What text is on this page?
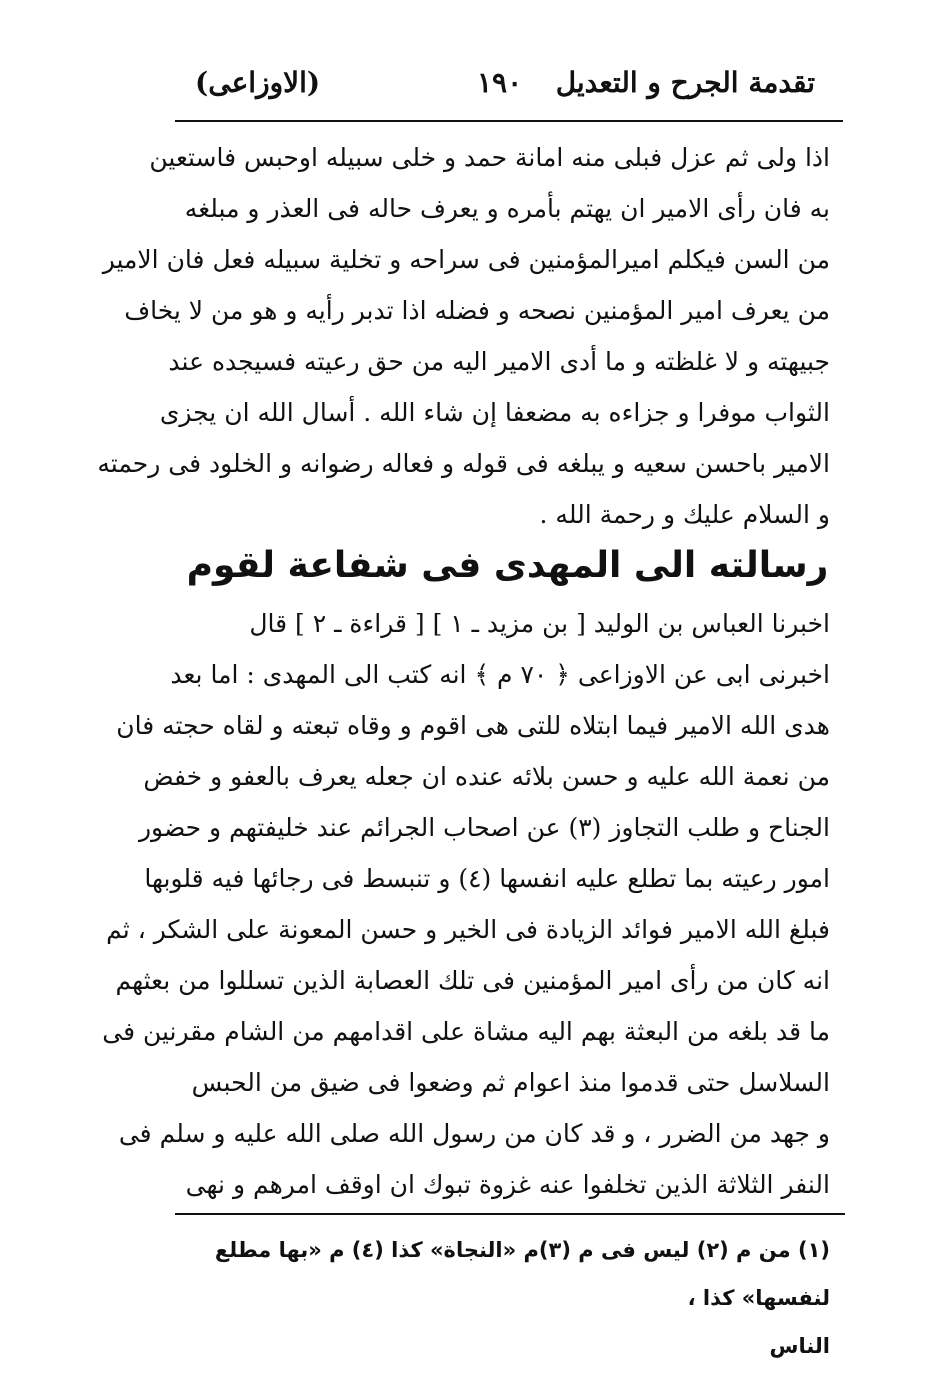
تقدمة الجرح و التعديل
١٩٠
(الاوزاعى)
اذا ولى ثم عزل فبلى منه امانة حمد و خلى سبيله اوحبس فاستعين
به فان رأى الامير ان يهتم بأمره و يعرف حاله فى العذر و مبلغه
من السن فيكلم اميرالمؤمنين فى سراحه و تخلية سبيله فعل فان الامير
من يعرف امير المؤمنين نصحه و فضله اذا تدبر رأيه و هو من لا يخاف
جبيهته و لا غلظته و ما أدى الامير اليه من حق رعيته فسيجده عند
الثواب موفرا و جزاءه به مضعفا إن شاء الله . أسال الله ان يجزى
الامير باحسن سعيه و يبلغه فى قوله و فعاله رضوانه و الخلود فى رحمته
و السلام عليك و رحمة الله .
رسالته الى المهدى فى شفاعة لقوم
اخبرنا العباس بن الوليد [ بن مزيد ـ ١ ] [ قراءة ـ ٢ ] قال
اخبرنى ابى عن الاوزاعى ﴿ ٧٠ م ﴾ انه كتب الى المهدى : اما بعد
هدى الله الامير فيما ابتلاه للتى هى اقوم و وقاه تبعته و لقاه حجته فان
من نعمة الله عليه و حسن بلائه عنده ان جعله يعرف بالعفو و خفض
الجناح و طلب التجاوز (٣) عن اصحاب الجرائم عند خليفتهم و حضور
امور رعيته بما تطلع عليه انفسها (٤) و تنبسط فى رجائها فيه قلوبها
فبلغ الله الامير فوائد الزيادة فى الخير و حسن المعونة على الشكر ، ثم
انه كان من رأى امير المؤمنين فى تلك العصابة الذين تسللوا من بعثهم
ما قد بلغه من البعثة بهم اليه مشاة على اقدامهم من الشام مقرنين فى
السلاسل حتى قدموا منذ اعوام ثم وضعوا فى ضيق من الحبس
و جهد من الضرر ، و قد كان من رسول الله صلى الله عليه و سلم فى
النفر الثلاثة الذين تخلفوا عنه غزوة تبوك ان اوقف امرهم و نهى
(١) من م (٢) ليس فى م (٣)م «النجاة» كذا (٤) م «بها مطلع لنفسها» كذا ،
الناس
